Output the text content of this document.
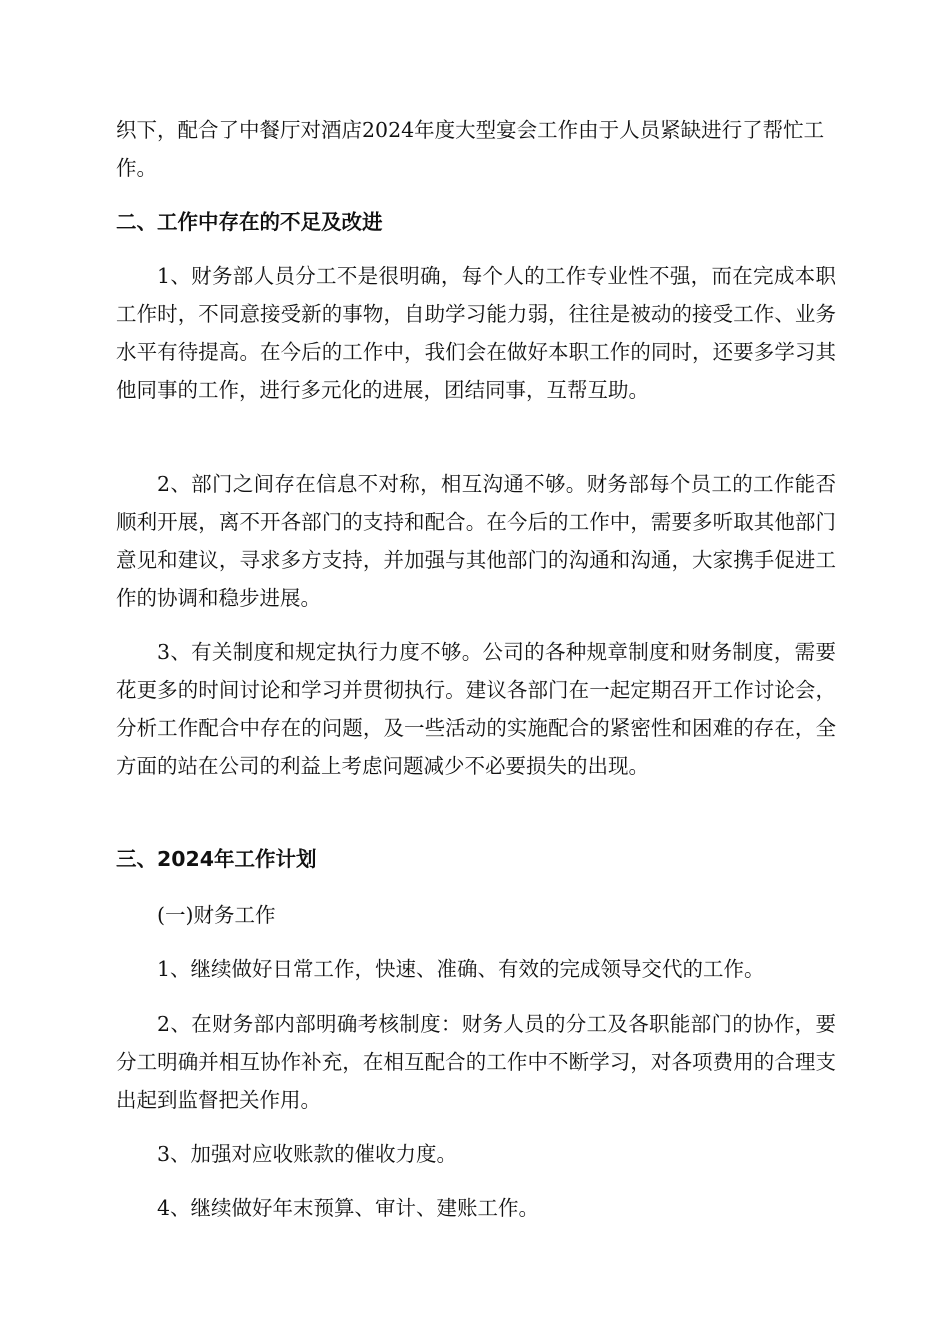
织下，配合了中餐厅对酒店2024年度大型宴会工作由于人员紧缺进行了帮忙工作。

二、工作中存在的不足及改进

1、财务部人员分工不是很明确，每个人的工作专业性不强，而在完成本职工作时，不同意接受新的事物，自助学习能力弱，往往是被动的接受工作、业务水平有待提高。在今后的工作中，我们会在做好本职工作的同时，还要多学习其他同事的工作，进行多元化的进展，团结同事，互帮互助。

2、部门之间存在信息不对称，相互沟通不够。财务部每个员工的工作能否顺利开展，离不开各部门的支持和配合。在今后的工作中，需要多听取其他部门意见和建议，寻求多方支持，并加强与其他部门的沟通和沟通，大家携手促进工作的协调和稳步进展。

3、有关制度和规定执行力度不够。公司的各种规章制度和财务制度，需要花更多的时间讨论和学习并贯彻执行。建议各部门在一起定期召开工作讨论会，分析工作配合中存在的问题，及一些活动的实施配合的紧密性和困难的存在，全方面的站在公司的利益上考虑问题减少不必要损失的出现。

三、2024年工作计划

(一)财务工作

1、继续做好日常工作，快速、准确、有效的完成领导交代的工作。

2、在财务部内部明确考核制度：财务人员的分工及各职能部门的协作，要分工明确并相互协作补充，在相互配合的工作中不断学习，对各项费用的合理支出起到监督把关作用。

3、加强对应收账款的催收力度。

4、继续做好年末预算、审计、建账工作。
